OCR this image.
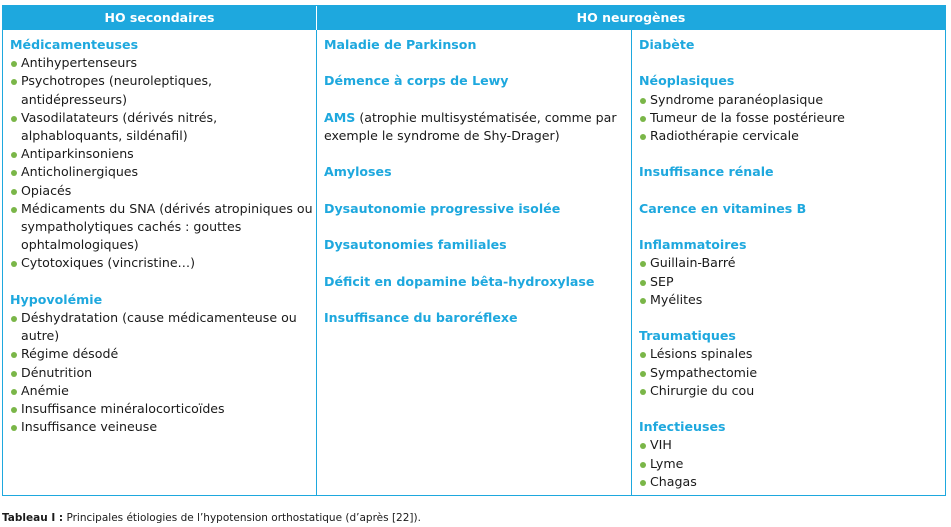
HO secondaires	HO neurogènes
Médicamenteuses
Antihypertenseurs
Psychotropes (neuroleptiques, antidépresseurs)
Vasodilatateurs (dérivés nitrés, alphabloquants, sildénafil)
Antiparkinsoniens
Anticholinergiques
Opiacés
Médicaments du SNA (dérivés atropiniques ou sympatholytiques cachés : gouttes ophtalmologiques)
Cytotoxiques (vincristine…)
Hypovolémie
Déshydratation (cause médicamenteuse ou autre)
Régime désodé
Dénutrition
Anémie
Insuffisance minéralocorticoïdes
Insuffisance veineuse
Maladie de Parkinson
Démence à corps de Lewy
AMS (atrophie multisystématisée, comme par exemple le syndrome de Shy-Drager)
Amyloses
Dysautonomie progressive isolée
Dysautonomies familiales
Déficit en dopamine bêta-hydroxylase
Insuffisance du baroréflexe
Diabète
Néoplasiques
Syndrome paranéoplasique
Tumeur de la fosse postérieure
Radiothérapie cervicale
Insuffisance rénale
Carence en vitamines B
Inflammatoires
Guillain-Barré
SEP
Myélites
Traumatiques
Lésions spinales
Sympathectomie
Chirurgie du cou
Infectieuses
VIH
Lyme
Chagas
Tableau I : Principales étiologies de l’hypotension orthostatique (d’après [22]).
